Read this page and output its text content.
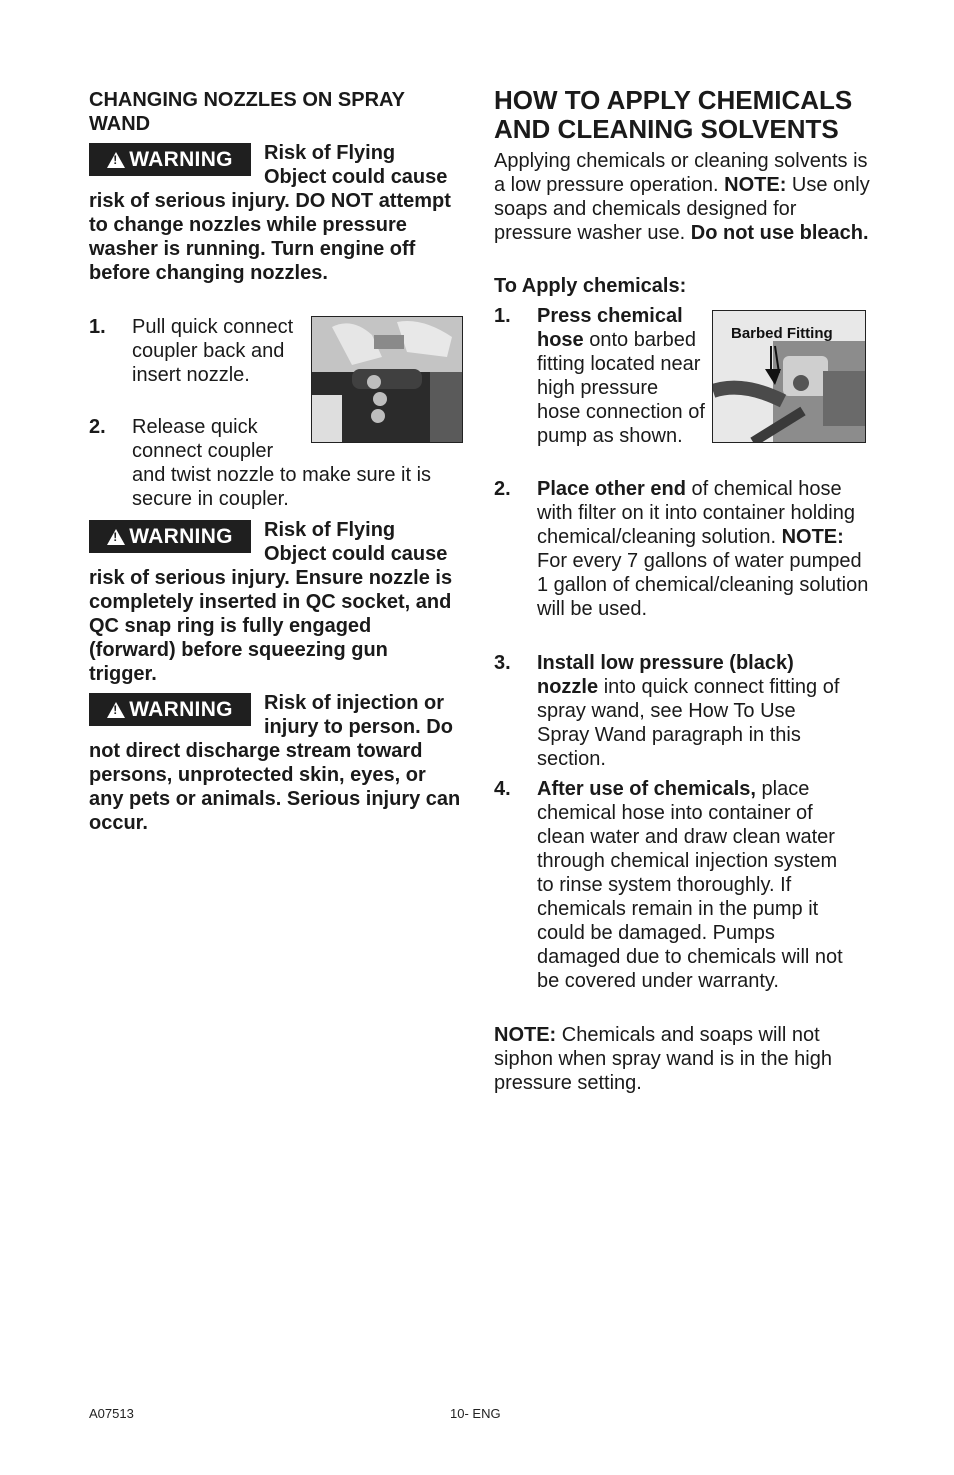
CHANGING NOZZLES ON SPRAY WAND
!
WARNING	Risk of Flying Object could cause risk of serious injury. DO NOT attempt to change nozzles while pressure washer is running. Turn engine off before changing nozzles.
1. Pull quick connect coupler back and insert nozzle.
2. Release quick connect coupler
and twist nozzle to make sure it is secure in coupler.
!
WARNING	Risk of Flying Object could cause risk of serious injury. Ensure nozzle is completely inserted in QC socket, and QC snap ring is fully engaged (forward) before squeezing gun trigger.
!
WARNING	Risk of injection or injury to person. Do not direct discharge stream toward persons, unprotected skin, eyes, or any pets or animals. Serious injury can occur.
HOW TO APPLY CHEMICALS AND CLEANING SOLVENTS
Applying chemicals or cleaning solvents is a low pressure operation. NOTE: Use only soaps and chemicals designed for pressure washer use. Do not use bleach.
To Apply chemicals:
1. Press chemical hose onto barbed fitting located near high pressure hose connection of pump as shown.
Barbed Fitting
2. Place other end of chemical hose with filter on it into container holding chemical/cleaning solution. NOTE: For every 7 gallons of water pumped 1 gallon of chemical/cleaning solution will be used.
3. Install low pressure (black) nozzle into quick connect fitting of spray wand, see How To Use Spray Wand paragraph in this section.
4. After use of chemicals, place chemical hose into container of clean water and draw clean water through chemical injection system to rinse system thoroughly. If chemicals remain in the pump it could be damaged. Pumps damaged due to chemicals will not be covered under warranty.
NOTE: Chemicals and soaps will not siphon when spray wand is in the high pressure setting.
A07513	10- ENG
